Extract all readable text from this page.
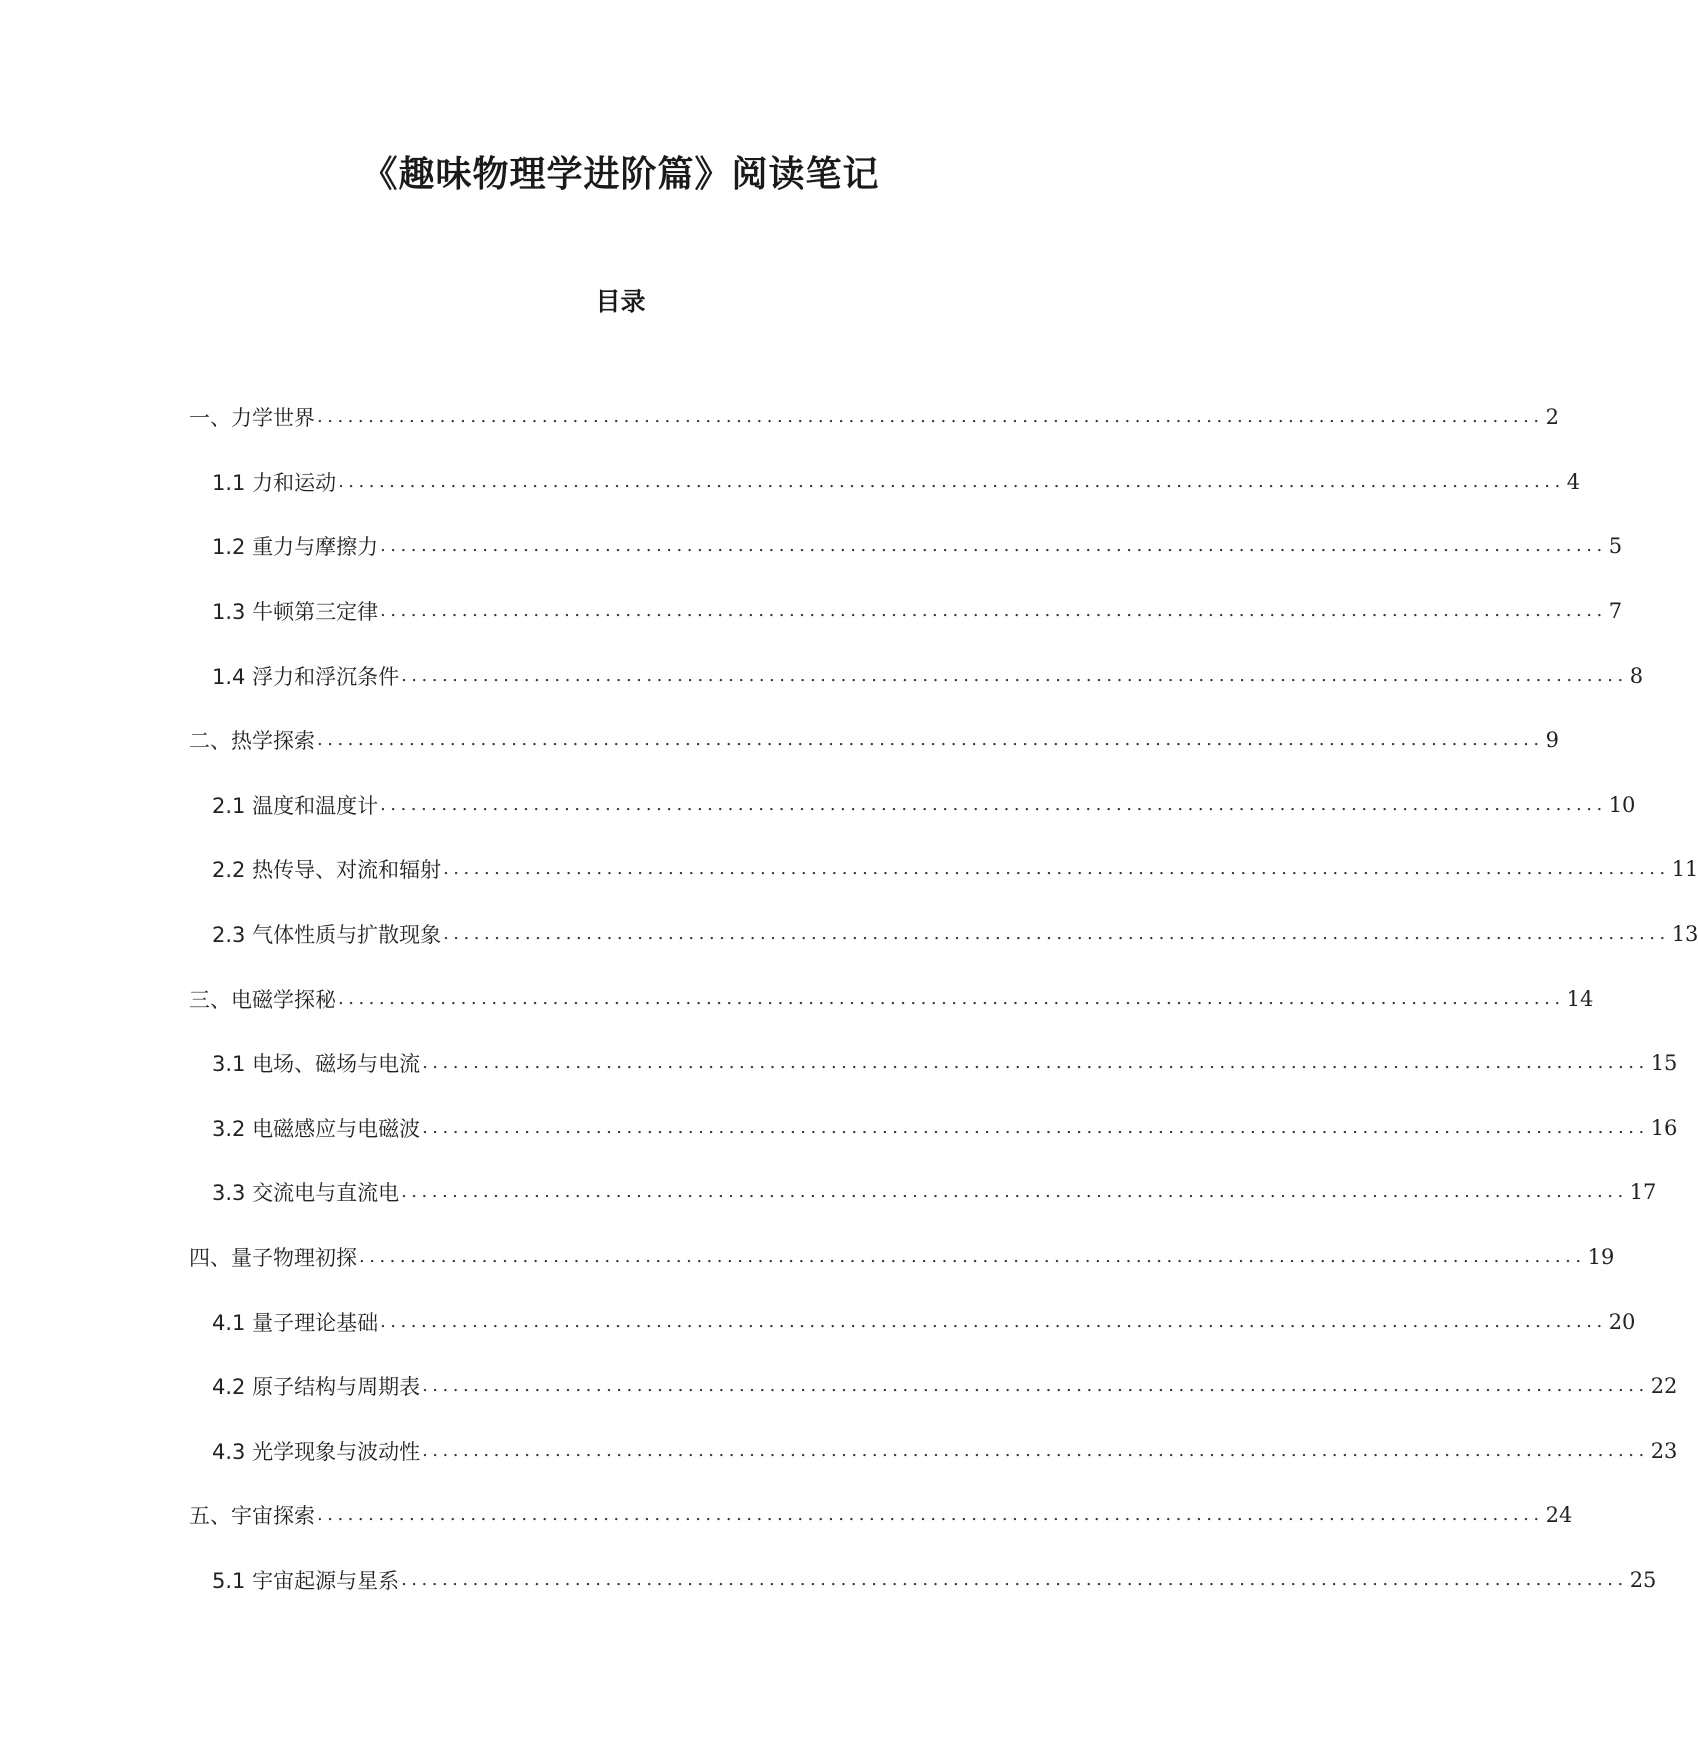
《趣味物理学进阶篇》阅读笔记
目录
一、力学世界 ........................................................................................................................ 2
1.1 力和运动 ........................................................................................................................ 4
1.2 重力与摩擦力 ........................................................................................................................ 5
1.3 牛顿第三定律 ........................................................................................................................ 7
1.4 浮力和浮沉条件 ........................................................................................................................ 8
二、热学探索 ........................................................................................................................ 9
2.1 温度和温度计 ........................................................................................................................ 10
2.2 热传导、对流和辐射 ........................................................................................................................ 11
2.3 气体性质与扩散现象 ........................................................................................................................ 13
三、电磁学探秘 ........................................................................................................................ 14
3.1 电场、磁场与电流 ........................................................................................................................ 15
3.2 电磁感应与电磁波 ........................................................................................................................ 16
3.3 交流电与直流电 ........................................................................................................................ 17
四、量子物理初探 ........................................................................................................................ 19
4.1 量子理论基础 ........................................................................................................................ 20
4.2 原子结构与周期表 ........................................................................................................................ 22
4.3 光学现象与波动性 ........................................................................................................................ 23
五、宇宙探索 ........................................................................................................................ 24
5.1 宇宙起源与星系 ........................................................................................................................ 25
